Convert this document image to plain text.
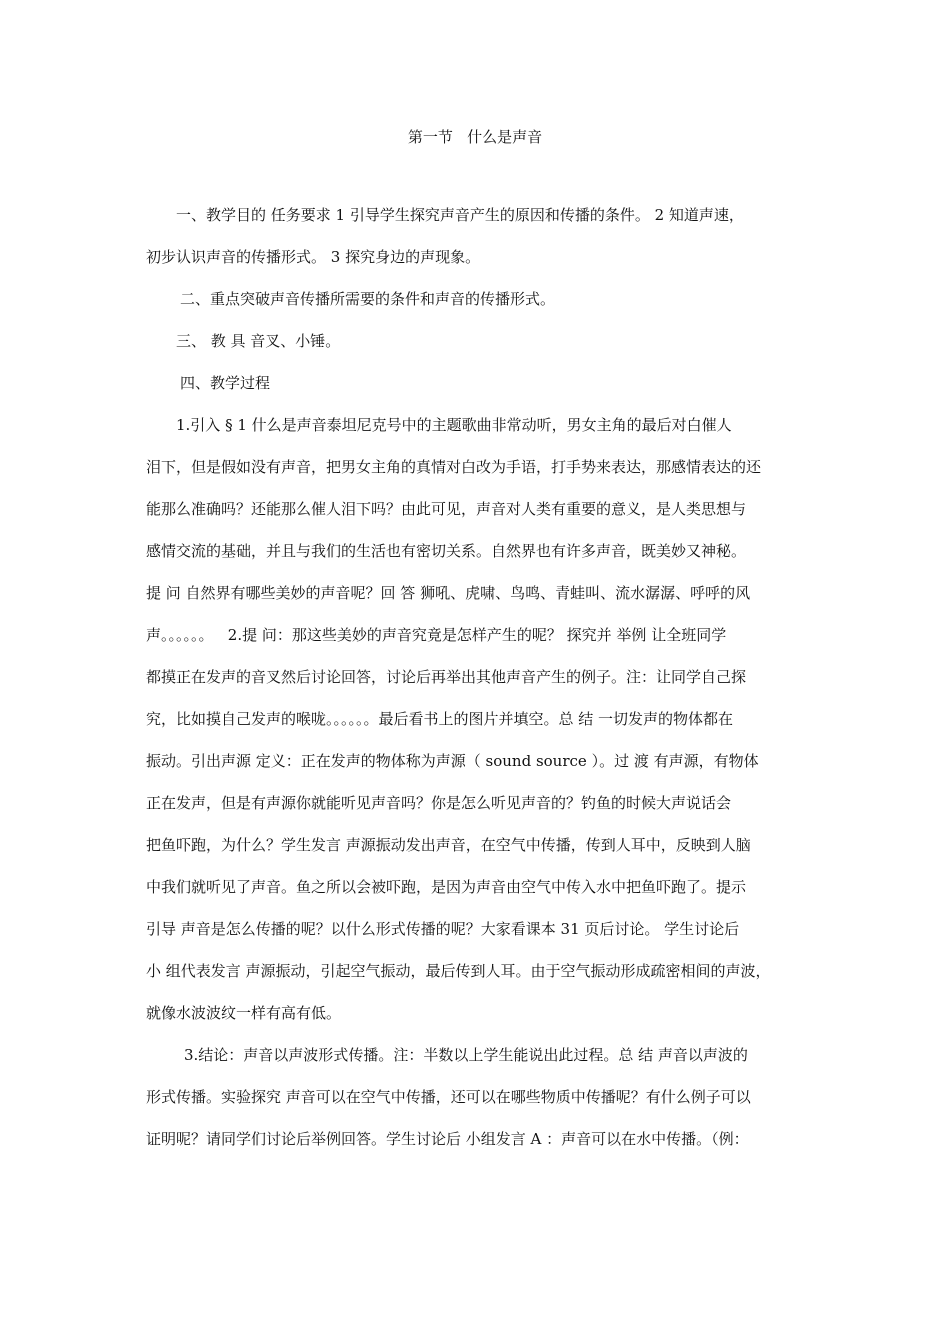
第一节   什么是声音
一、教学目的 任务要求 1 引导学生探究声音产生的原因和传播的条件。 2 知道声速，
初步认识声音的传播形式。 3 探究身边的声现象。
二、重点突破声音传播所需要的条件和声音的传播形式。
三、 教 具 音叉、小锤。
四、教学过程
1.引入 § 1 什么是声音泰坦尼克号中的主题歌曲非常动听，男女主角的最后对白催人
泪下，但是假如没有声音，把男女主角的真情对白改为手语，打手势来表达，那感情表达的还
能那么准确吗？还能那么催人泪下吗？由此可见，声音对人类有重要的意义，是人类思想与
感情交流的基础，并且与我们的生活也有密切关系。自然界也有许多声音，既美妙又神秘。
提 问 自然界有哪些美妙的声音呢？回 答 狮吼、虎啸、鸟鸣、青蛙叫、流水潺潺、呼呼的风
声。。。。。。   2.提 问：那这些美妙的声音究竟是怎样产生的呢？ 探究并 举例 让全班同学
都摸正在发声的音叉然后讨论回答，讨论后再举出其他声音产生的例子。注：让同学自己探
究，比如摸自己发声的喉咙。。。。。。最后看书上的图片并填空。总 结 一切发声的物体都在
振动。引出声源 定义：正在发声的物体称为声源（ sound source ）。过 渡 有声源，有物体
正在发声，但是有声源你就能听见声音吗？你是怎么听见声音的？钓鱼的时候大声说话会
把鱼吓跑，为什么？学生发言 声源振动发出声音，在空气中传播，传到人耳中，反映到人脑
中我们就听见了声音。鱼之所以会被吓跑，是因为声音由空气中传入水中把鱼吓跑了。提示
引导 声音是怎么传播的呢？以什么形式传播的呢？大家看课本 31 页后讨论。 学生讨论后
小 组代表发言 声源振动，引起空气振动，最后传到人耳。由于空气振动形成疏密相间的声波，
就像水波波纹一样有高有低。
3.结论：声音以声波形式传播。注：半数以上学生能说出此过程。总 结 声音以声波的
形式传播。实验探究 声音可以在空气中传播，还可以在哪些物质中传播呢？有什么例子可以
证明呢？请同学们讨论后举例回答。学生讨论后 小组发言 A ：声音可以在水中传播。（例：
